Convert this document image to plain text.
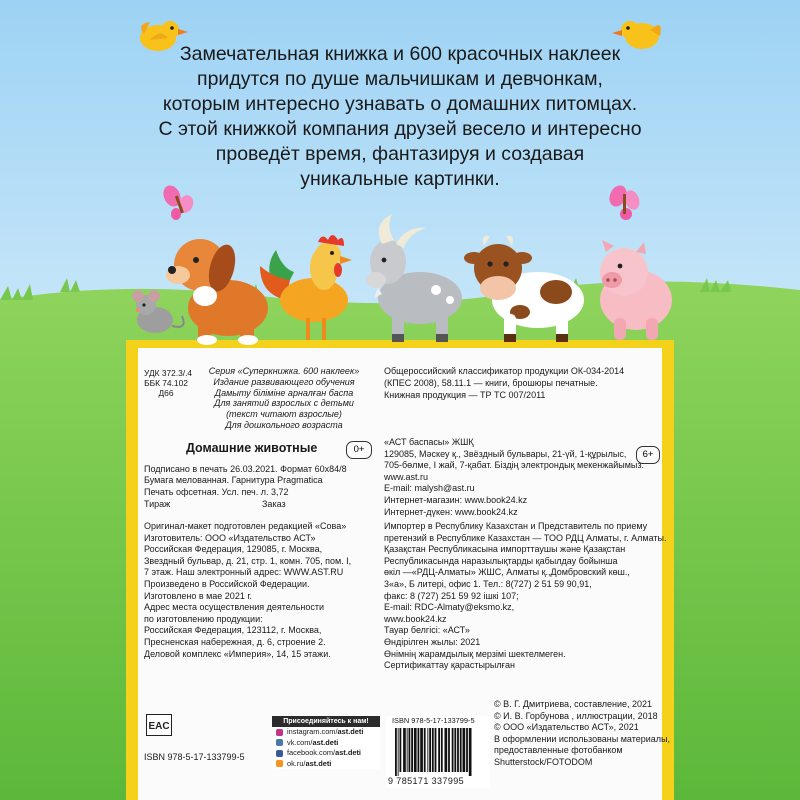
Замечательная книжка и 600 красочных наклеек
придутся по душе мальчишкам и девчонкам,
которым интересно узнавать о домашних питомцах.
С этой книжкой компания друзей весело и интересно
проведёт время, фантазируя и создавая
уникальные картинки.
УДК 372.3/.4
ББК 74.102
Д66
Серия «Суперкнижка. 600 наклеек»
Издание развивающего обучения
Дамыту біліміне арналған баспа
Для занятий взрослых с детьми
(текст читают взрослые)
Для дошкольного возраста
Общероссийский классификатор продукции ОК-034-2014
(КПЕС 2008), 58.11.1 — книги, брошюры печатные.
Книжная продукция — ТР ТС 007/2011
Домашние животные	0+	6+
Подписано в печать 26.03.2021. Формат 60х84/8
Бумага мелованная. Гарнитура Pragmatica
Печать офсетная. Усл. печ. л. 3,72
Тираж	Заказ
Оригинал-макет подготовлен редакцией «Сова»
Изготовитель: ООО «Издательство АСТ»
Российская Федерация, 129085, г. Москва,
Звездный бульвар, д. 21, стр. 1, комн. 705, пом. I,
7 этаж. Наш электронный адрес: WWW.AST.RU
Произведено в Российской Федерации.
Изготовлено в мае 2021 г.
Адрес места осуществления деятельности
по изготовлению продукции:
Российская Федерация, 123112, г. Москва,
Пресненская набережная, д. 6, строение 2.
Деловой комплекс «Империя», 14, 15 этажи.
«АСТ баспасы» ЖШҚ
129085, Мәскеу қ., Звёздный бульвары, 21-үй, 1-құрылыс,
705-бөлме, I жай, 7-қабат. Біздің электрондық мекенжайымыз:
www.ast.ru
E-mail: malysh@ast.ru
Интернет-магазин: www.book24.kz
Интернет-дүкен: www.book24.kz
Импортер в Республику Казахстан и Представитель по приему
претензий в Республике Казахстан — ТОО РДЦ Алматы, г. Алматы.
Қазақстан Республикасына импорттаушы және Қазақстан
Республикасында наразылықтарды қабылдау бойынша
өкіл —«РДЦ-Алматы» ЖШС, Алматы қ.,Домбровский көш.,
3«а», Б литері, офис 1. Тел.: 8(727) 2 51 59 90,91,
факс: 8 (727) 251 59 92 ішкі 107;
E-mail: RDC-Almaty@eksmo.kz,
www.book24.kz
Тауар белгісі: «АСТ»
Өндірілген жылы: 2021
Өнімнің жарамдылық мерзімі шектелмеген.
Сертификаттау қарастырылған
© В. Г. Дмитриева, составление, 2021
© И. В. Горбунова , иллюстрации, 2018
© ООО «Издательство АСТ», 2021
В оформлении использованы материалы,
предоставленные фотобанком
Shutterstock/FOTODOM
EAC
ISBN 978-5-17-133799-5
Присоединяйтесь к нам!
instagram.com/ ast.deti
vk.com/ ast.deti
facebook.com/ ast.deti
ok.ru/ ast.deti
ISBN 978-5-17-133799-5
9 785171 337995
